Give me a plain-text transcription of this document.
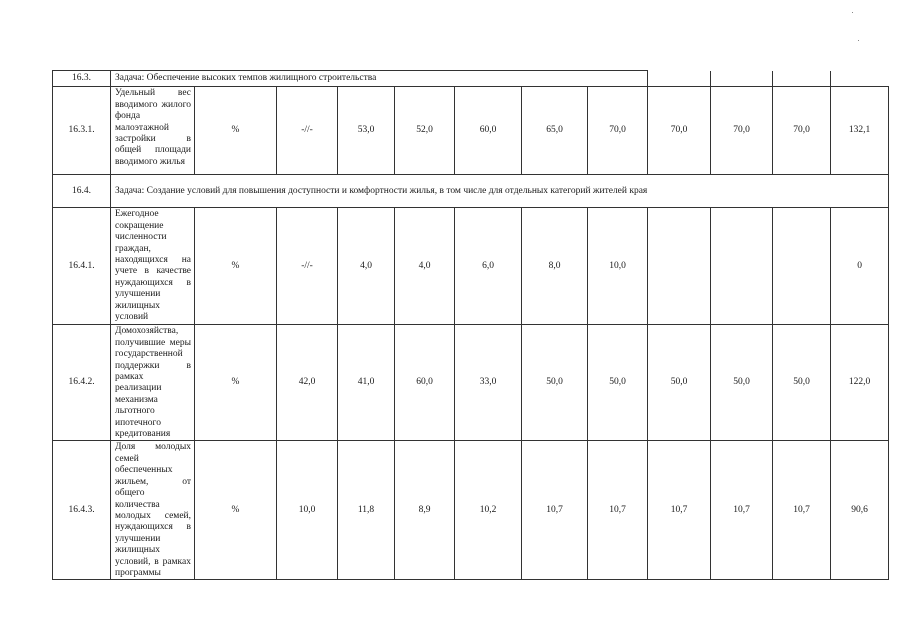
16.3.	Задача: Обеспечение высоких темпов жилищного строительства											
16.3.1.	Удельный вес вводимого жилого фонда малоэтажной застройки в общей площади вводимого жилья	%	-//-	53,0	52,0	60,0	65,0	70,0	70,0	70,0	70,0	132,1
16.4.	Задача: Создание условий для повышения доступности и комфортности жилья, в том числе для отдельных категорий жителей края											
16.4.1.	Ежегодное сокращение численности граждан, находящихся на учете в качестве нуждающихся в улучшении жилищных условий	%	-//-	4,0	4,0	6,0	8,0	10,0				0
16.4.2.	Домохозяйства, получившие меры государственной поддержки в рамках реализации механизма льготного ипотечного кредитования	%	42,0	41,0	60,0	33,0	50,0	50,0	50,0	50,0	50,0	122,0
16.4.3.	Доля молодых семей обеспеченных жильем, от общего количества молодых семей, нуждающихся в улучшении жилищных условий, в рамках программы	%	10,0	11,8	8,9	10,2	10,7	10,7	10,7	10,7	10,7	90,6
